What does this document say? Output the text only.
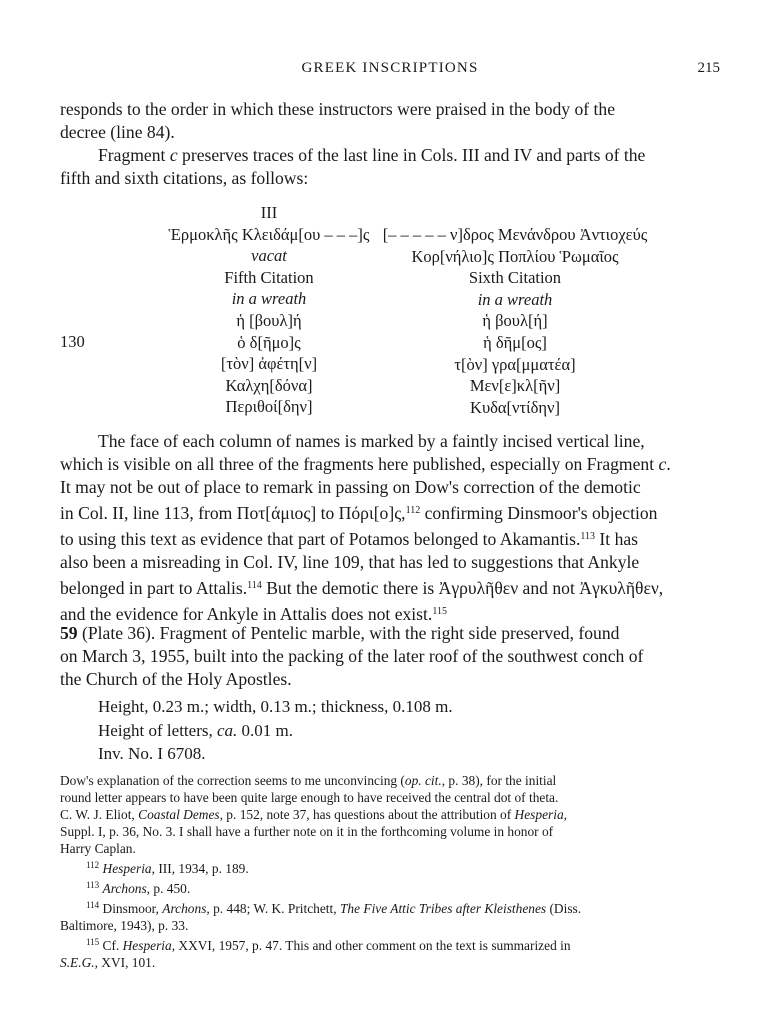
GREEK INSCRIPTIONS	215
responds to the order in which these instructors were praised in the body of the
decree (line 84).
Fragment c preserves traces of the last line in Cols. III and IV and parts of the
fifth and sixth citations, as follows:
130
III
Ἑρμοκλῆς Κλειδάμ[ου – – –]ς
vacat
Fifth Citation
in a wreath
ἡ [βουλ]ή
ὁ δ[ῆμο]ς
[τὸν] ἀφέτη[ν]
Καλχη[δόνα]
Περιθοί[δην]
[– – – – – ν]δρος Μενάνδρου Ἀντιοχεύς
Κορ[νήλιο]ς Ποπλίου Ῥωμαῖος
Sixth Citation
in a wreath
ἡ βουλ[ή]
ἡ δῆμ[ος]
τ[ὸν] γρα[μματέα]
Μεν[ε]κλ[ῆν]
Κυδα[ντίδην]
The face of each column of names is marked by a faintly incised vertical line,
which is visible on all three of the fragments here published, especially on Fragment c.
It may not be out of place to remark in passing on Dow's correction of the demotic
in Col. II, line 113, from Ποτ[άμιος] to Πόρι[ο]ς,$^{112}$ confirming Dinsmoor's objection
to using this text as evidence that part of Potamos belonged to Akamantis.$^{113}$ It has
also been a misreading in Col. IV, line 109, that has led to suggestions that Ankyle
belonged in part to Attalis.$^{114}$ But the demotic there is Ἀγρυλῆθεν and not Ἀγκυλῆθεν,
and the evidence for Ankyle in Attalis does not exist.$^{115}$
59 (Plate 36). Fragment of Pentelic marble, with the right side preserved, found
on March 3, 1955, built into the packing of the later roof of the southwest conch of
the Church of the Holy Apostles.
Height, 0.23 m.; width, 0.13 m.; thickness, 0.108 m.
Height of letters, ca. 0.01 m.
Inv. No. I 6708.
Dow's explanation of the correction seems to me unconvincing (op. cit., p. 38), for the initial
round letter appears to have been quite large enough to have received the central dot of theta.
C. W. J. Eliot, Coastal Demes, p. 152, note 37, has questions about the attribution of Hesperia,
Suppl. I, p. 36, No. 3. I shall have a further note on it in the forthcoming volume in honor of
Harry Caplan.
$^{112}$ Hesperia, III, 1934, p. 189.
$^{113}$ Archons, p. 450.
$^{114}$ Dinsmoor, Archons, p. 448; W. K. Pritchett, The Five Attic Tribes after Kleisthenes (Diss.
Baltimore, 1943), p. 33.
$^{115}$ Cf. Hesperia, XXVI, 1957, p. 47. This and other comment on the text is summarized in
S.E.G., XVI, 101.
